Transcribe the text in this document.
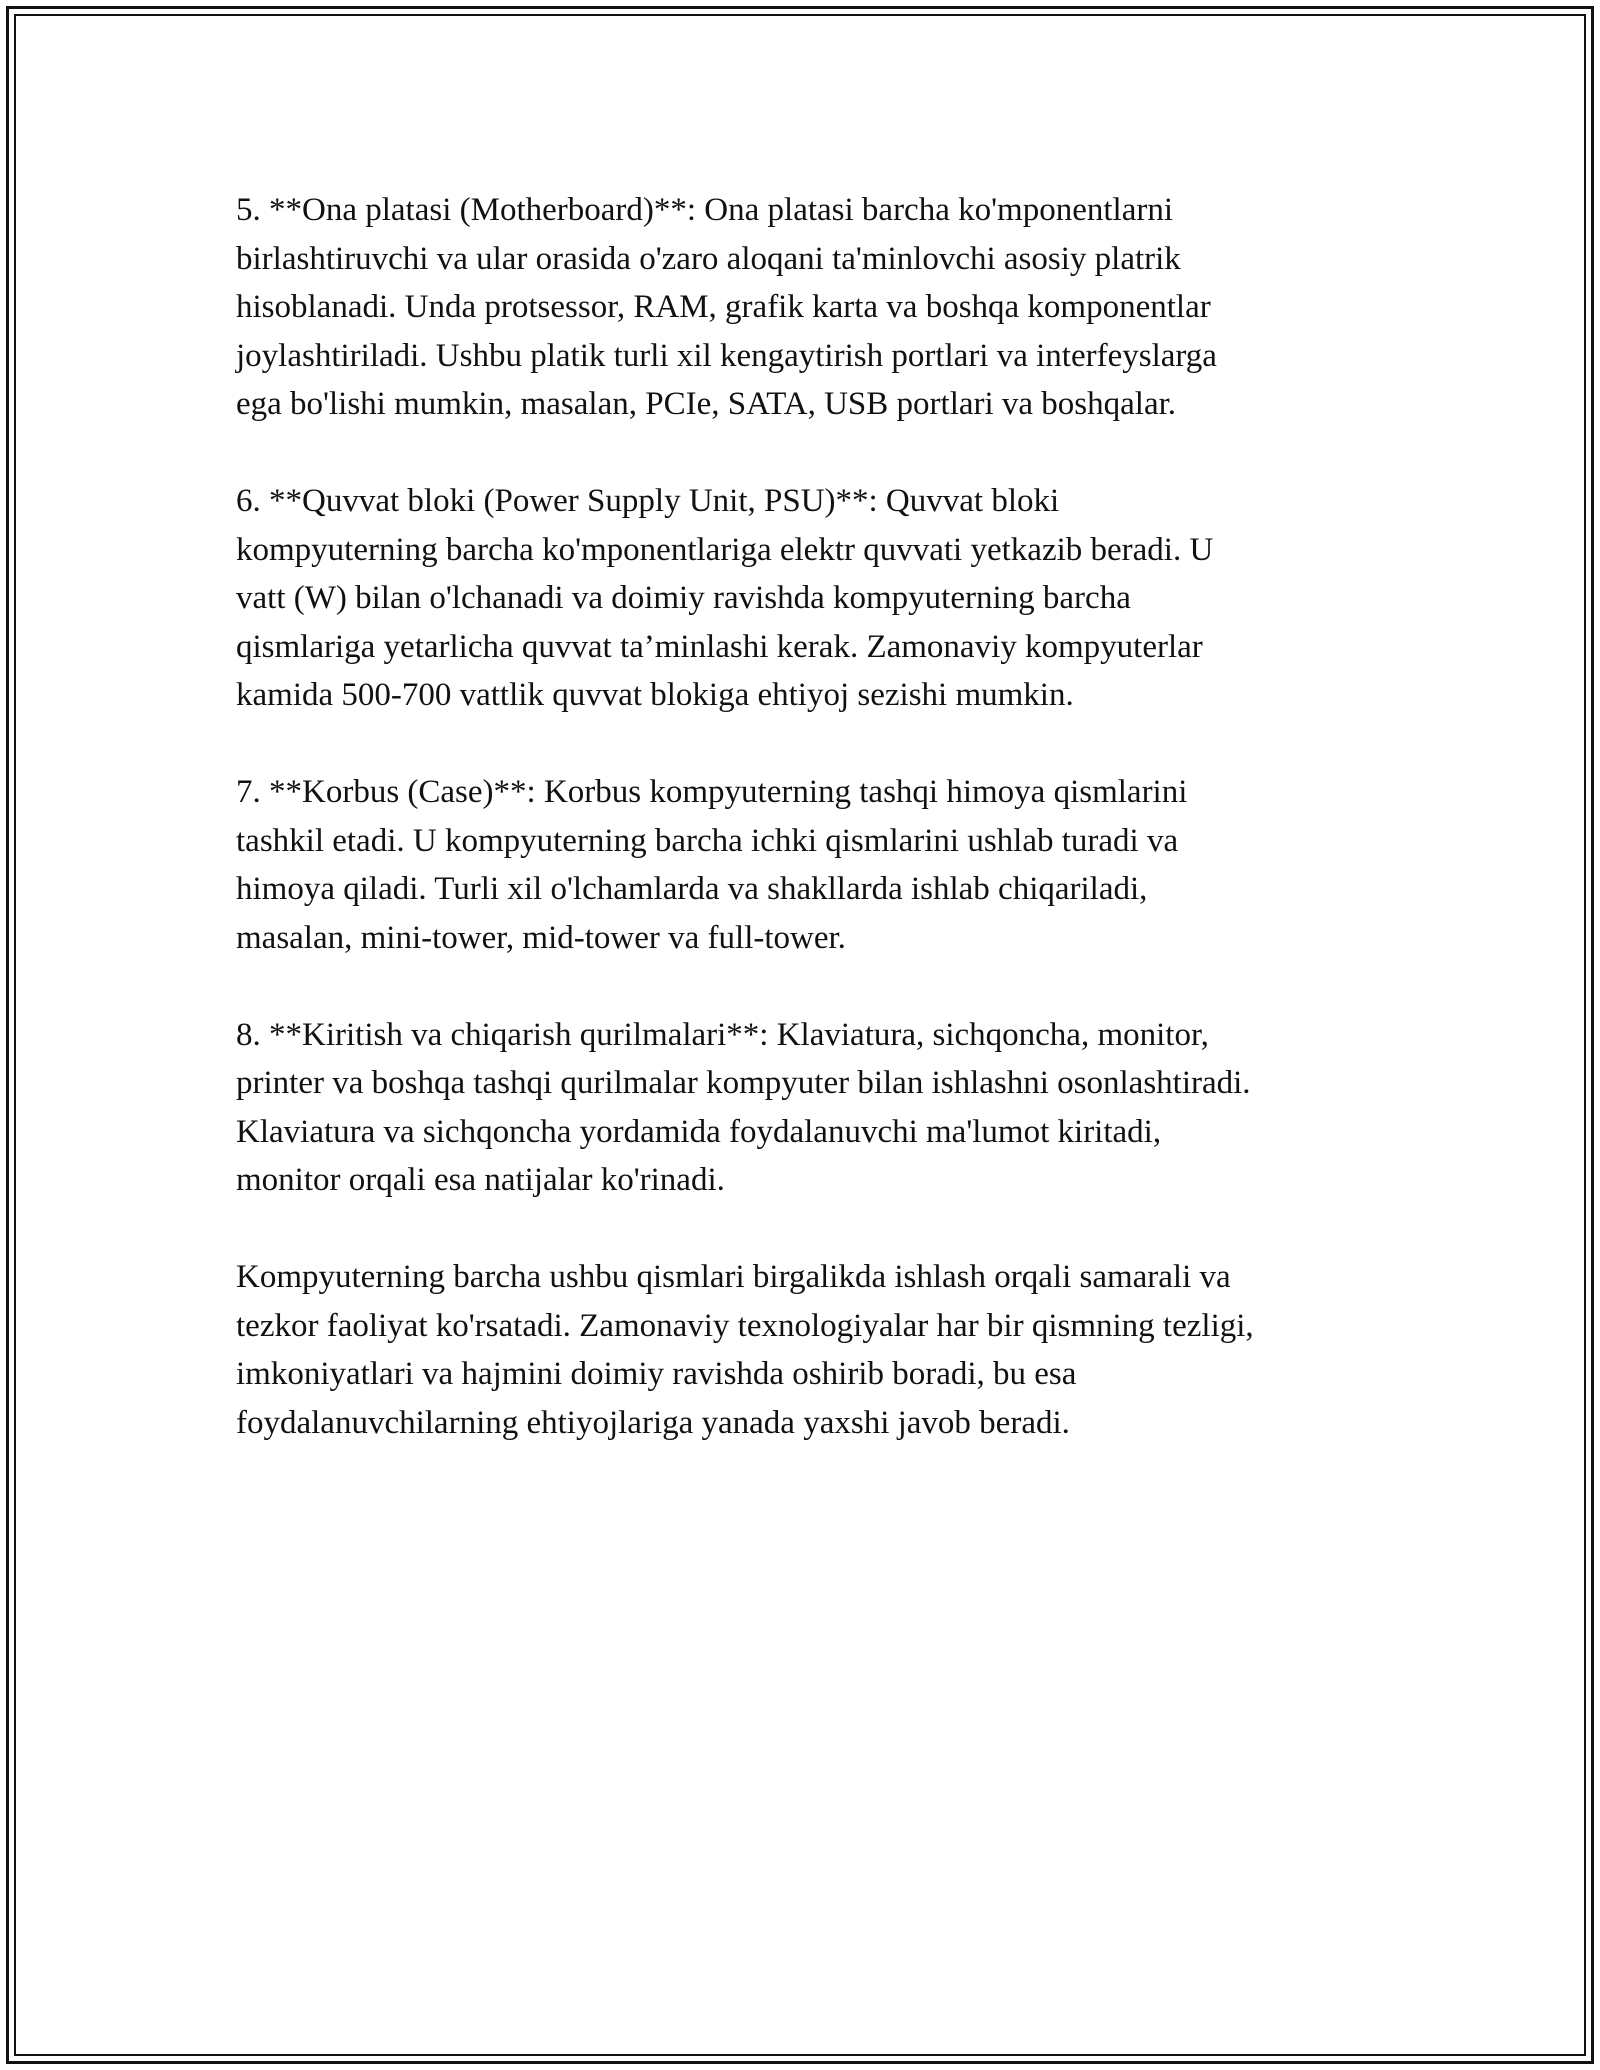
5. **Ona platasi (Motherboard)**: Ona platasi barcha ko'mponentlarni
birlashtiruvchi va ular orasida o'zaro aloqani ta'minlovchi asosiy platrik
hisoblanadi. Unda protsessor, RAM, grafik karta va boshqa komponentlar
joylashtiriladi. Ushbu platik turli xil kengaytirish portlari va interfeyslarga
ega bo'lishi mumkin, masalan, PCIe, SATA, USB portlari va boshqalar.

6. **Quvvat bloki (Power Supply Unit, PSU)**: Quvvat bloki
kompyuterning barcha ko'mponentlariga elektr quvvati yetkazib beradi. U
vatt (W) bilan o'lchanadi va doimiy ravishda kompyuterning barcha
qismlariga yetarlicha quvvat ta’minlashi kerak. Zamonaviy kompyuterlar
kamida 500-700 vattlik quvvat blokiga ehtiyoj sezishi mumkin.

7. **Korbus (Case)**: Korbus kompyuterning tashqi himoya qismlarini
tashkil etadi. U kompyuterning barcha ichki qismlarini ushlab turadi va
himoya qiladi. Turli xil o'lchamlarda va shakllarda ishlab chiqariladi,
masalan, mini-tower, mid-tower va full-tower.

8. **Kiritish va chiqarish qurilmalari**: Klaviatura, sichqoncha, monitor,
printer va boshqa tashqi qurilmalar kompyuter bilan ishlashni osonlashtiradi.
Klaviatura va sichqoncha yordamida foydalanuvchi ma'lumot kiritadi,
monitor orqali esa natijalar ko'rinadi.

Kompyuterning barcha ushbu qismlari birgalikda ishlash orqali samarali va
tezkor faoliyat ko'rsatadi. Zamonaviy texnologiyalar har bir qismning tezligi,
imkoniyatlari va hajmini doimiy ravishda oshirib boradi, bu esa
foydalanuvchilarning ehtiyojlariga yanada yaxshi javob beradi.
